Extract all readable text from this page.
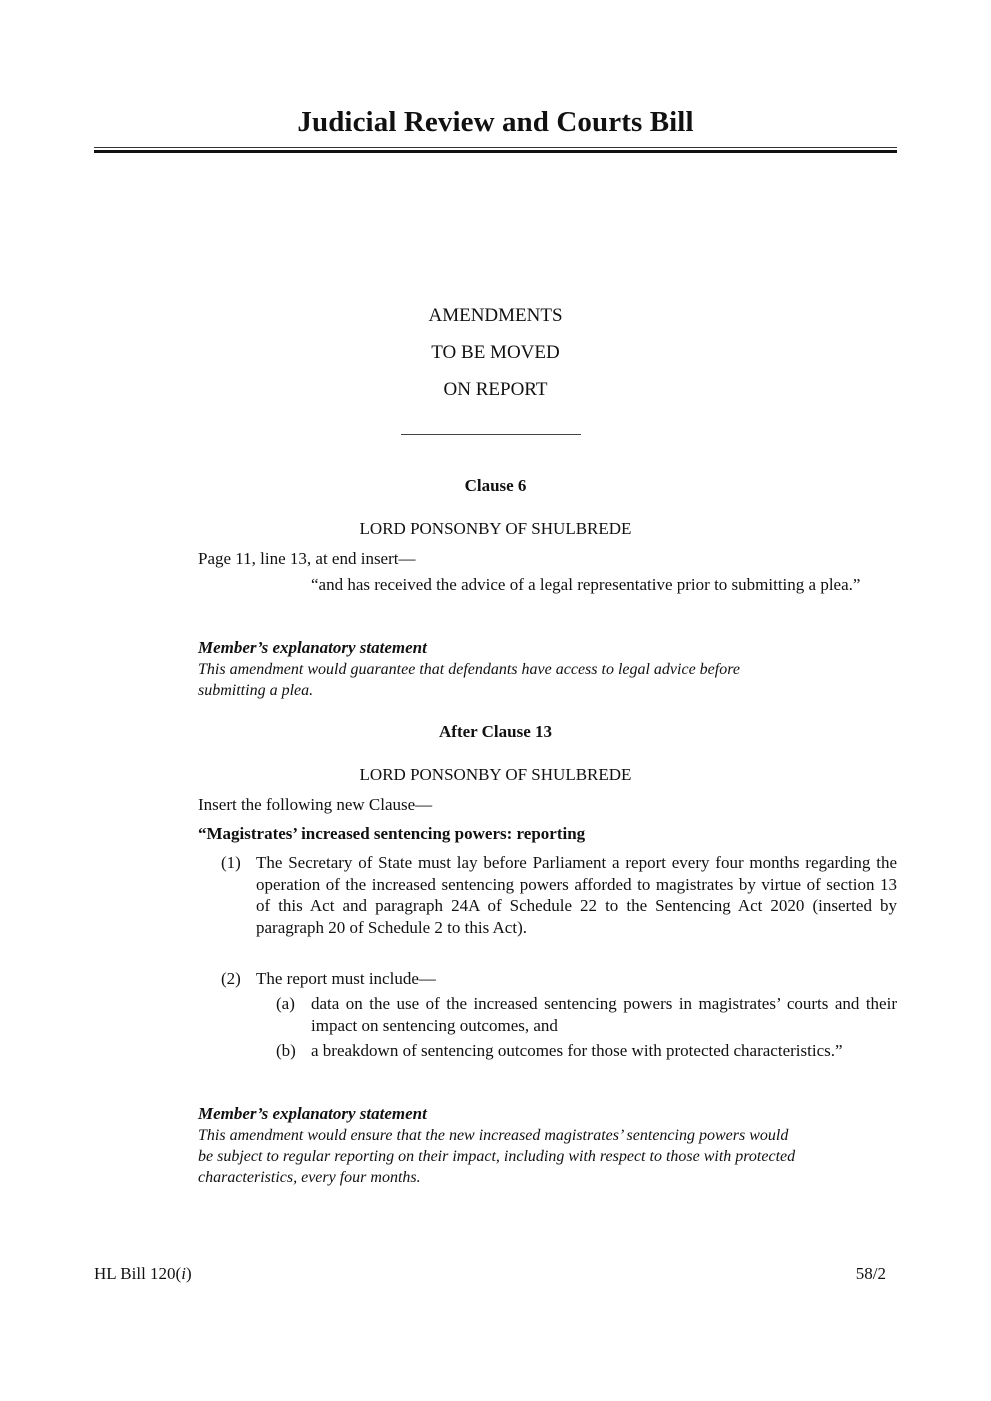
Judicial Review and Courts Bill
AMENDMENTS
TO BE MOVED
ON REPORT
Clause 6
LORD PONSONBY OF SHULBREDE
Page 11, line 13, at end insert—
“and has received the advice of a legal representative prior to submitting a plea.”
Member’s explanatory statement
This amendment would guarantee that defendants have access to legal advice before
submitting a plea.
After Clause 13
LORD PONSONBY OF SHULBREDE
Insert the following new Clause—
“Magistrates’ increased sentencing powers: reporting
(1) The Secretary of State must lay before Parliament a report every four months regarding the operation of the increased sentencing powers afforded to magistrates by virtue of section 13 of this Act and paragraph 24A of Schedule 22 to the Sentencing Act 2020 (inserted by paragraph 20 of Schedule 2 to this Act).
(2) The report must include—
(a) data on the use of the increased sentencing powers in magistrates’ courts and their impact on sentencing outcomes, and
(b) a breakdown of sentencing outcomes for those with protected characteristics.”
Member’s explanatory statement
This amendment would ensure that the new increased magistrates’ sentencing powers would
be subject to regular reporting on their impact, including with respect to those with protected
characteristics, every four months.
HL Bill 120(i)	58/2
